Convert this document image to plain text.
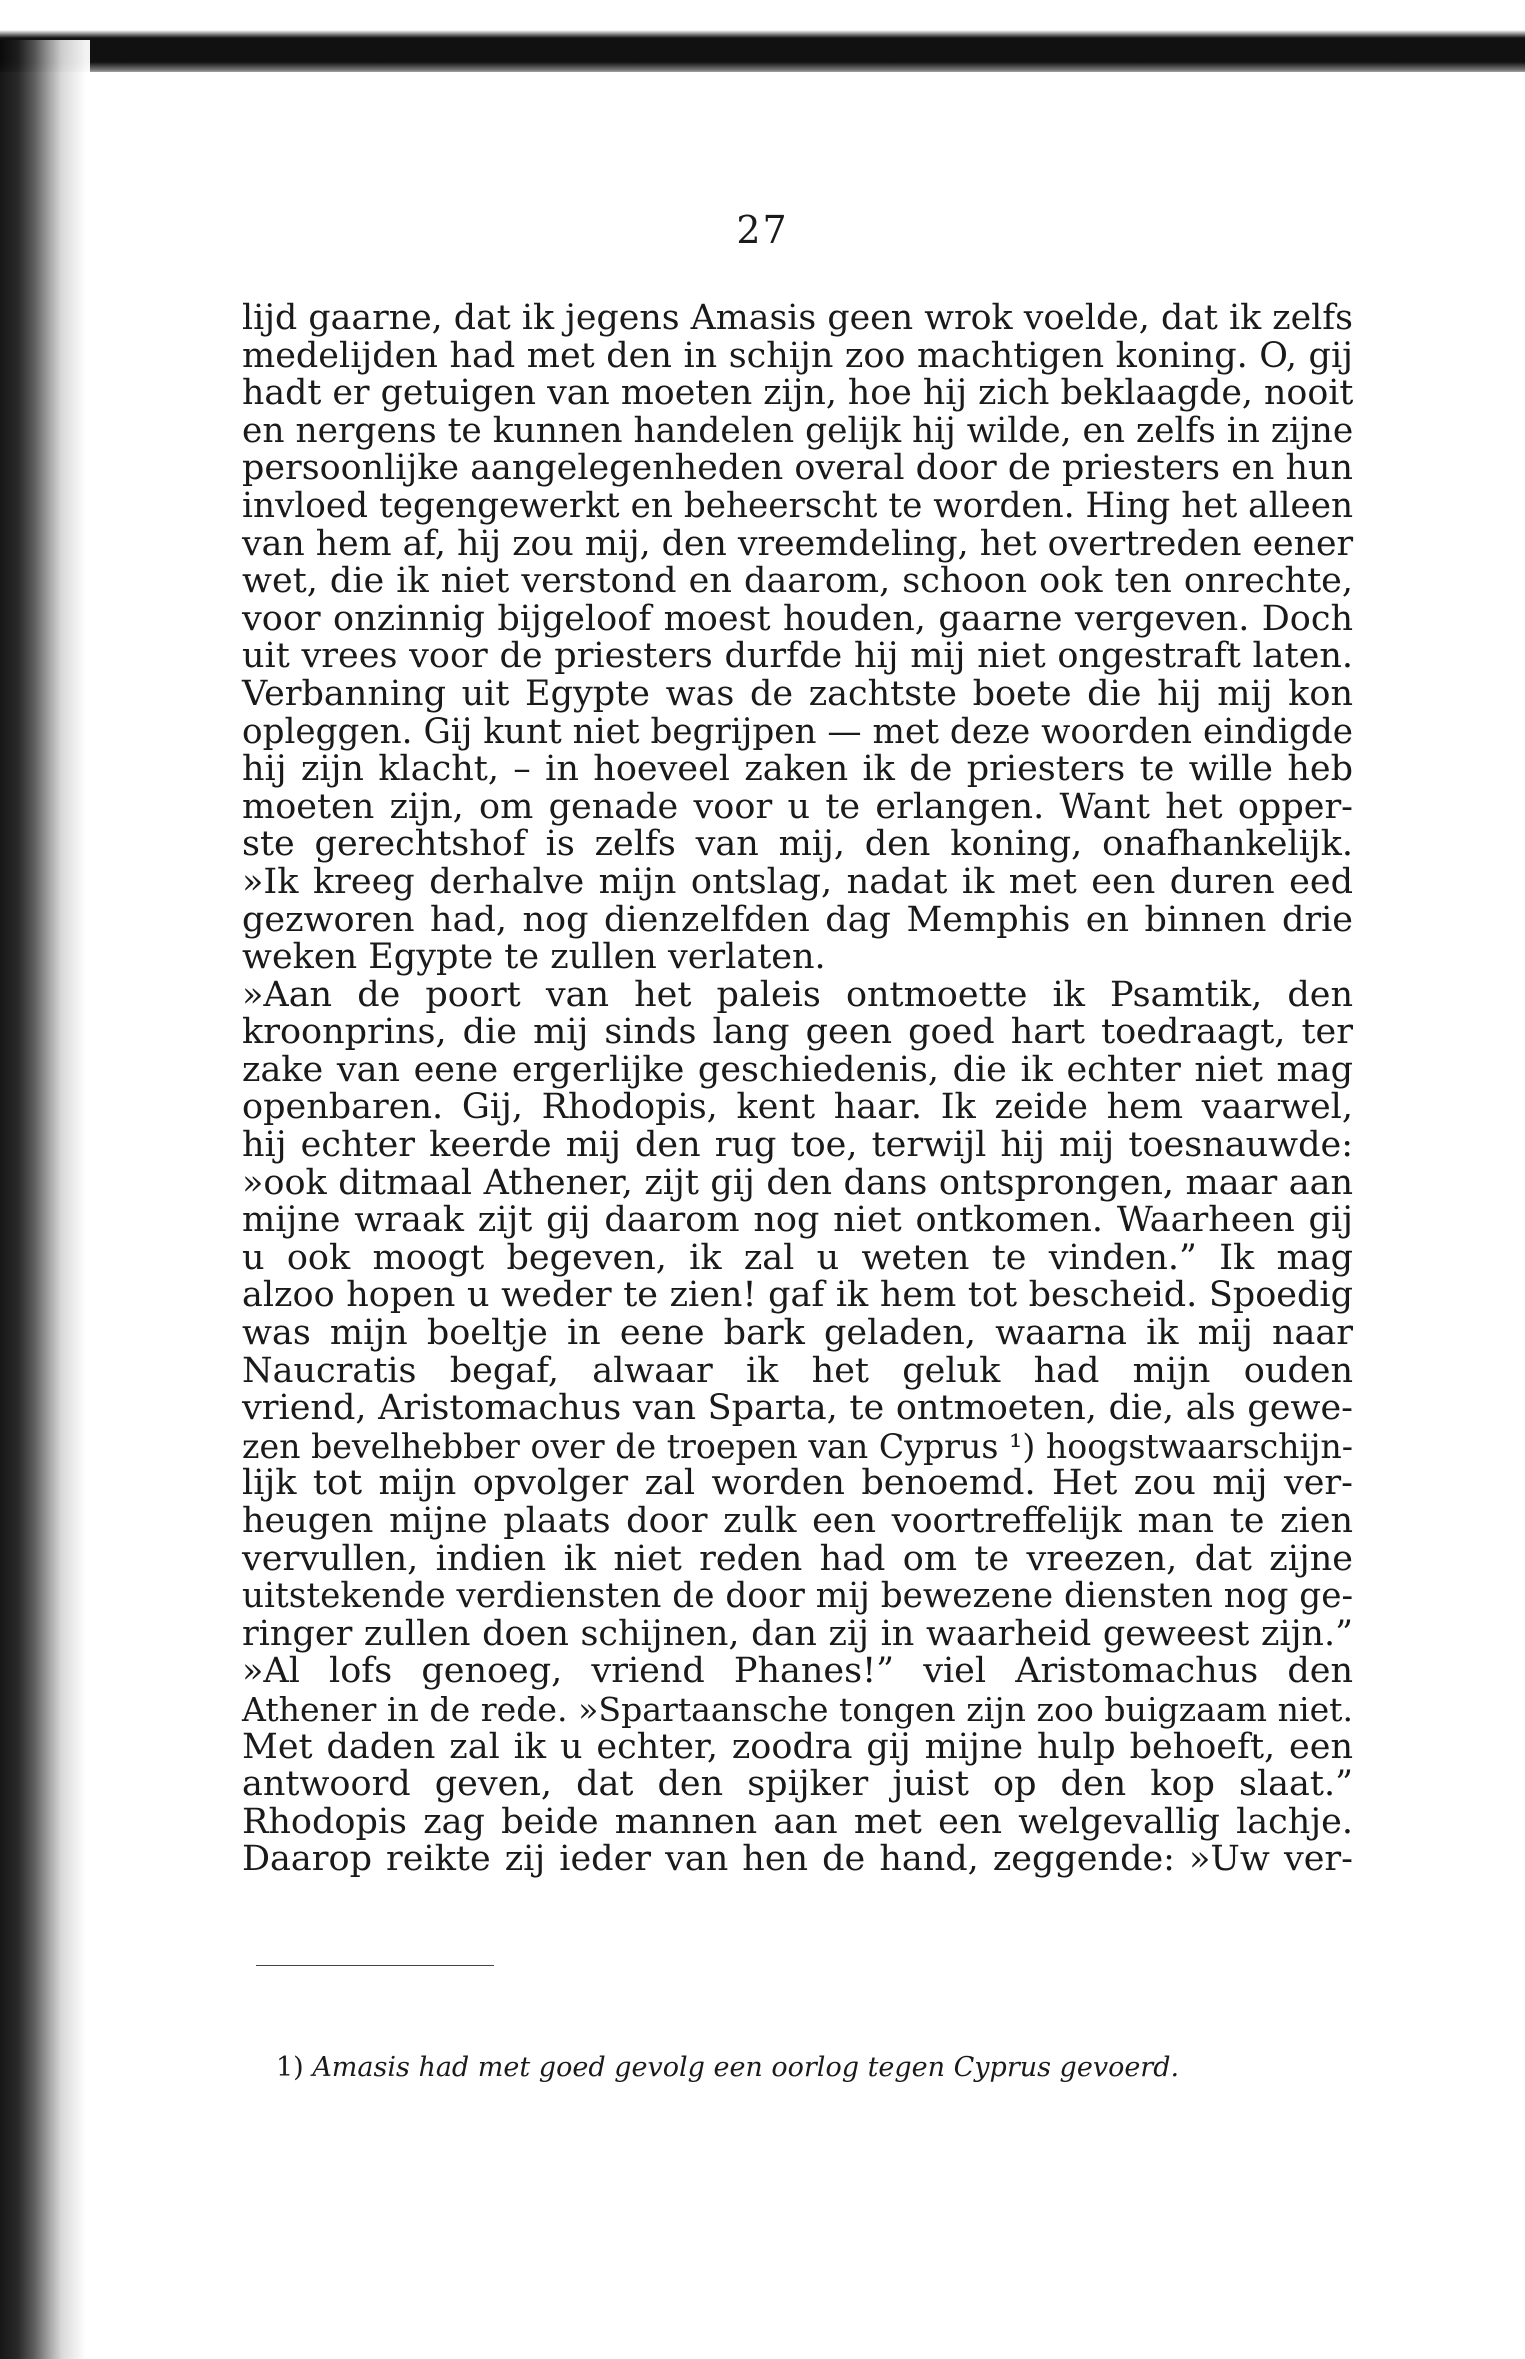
27
lijd gaarne, dat ik jegens Amasis geen wrok voelde, dat ik zelfs
medelijden had met den in schijn zoo machtigen koning. O, gij
hadt er getuigen van moeten zijn, hoe hij zich beklaagde, nooit
en nergens te kunnen handelen gelijk hij wilde, en zelfs in zijne
persoonlijke aangelegenheden overal door de priesters en hun
invloed tegengewerkt en beheerscht te worden. Hing het alleen
van hem af, hij zou mij, den vreemdeling, het overtreden eener
wet, die ik niet verstond en daarom, schoon ook ten onrechte,
voor onzinnig bijgeloof moest houden, gaarne vergeven. Doch
uit vrees voor de priesters durfde hij mij niet ongestraft laten.
Verbanning uit Egypte was de zachtste boete die hij mij kon
opleggen. Gij kunt niet begrijpen — met deze woorden eindigde
hij zijn klacht, – in hoeveel zaken ik de priesters te wille heb
moeten zijn, om genade voor u te erlangen. Want het opper-
ste gerechtshof is zelfs van mij, den koning, onafhankelijk.
»Ik kreeg derhalve mijn ontslag, nadat ik met een duren eed
gezworen had, nog dienzelfden dag Memphis en binnen drie
weken Egypte te zullen verlaten.
»Aan de poort van het paleis ontmoette ik Psamtik, den
kroonprins, die mij sinds lang geen goed hart toedraagt, ter
zake van eene ergerlijke geschiedenis, die ik echter niet mag
openbaren. Gij, Rhodopis, kent haar. Ik zeide hem vaarwel,
hij echter keerde mij den rug toe, terwijl hij mij toesnauwde:
»ook ditmaal Athener, zijt gij den dans ontsprongen, maar aan
mijne wraak zijt gij daarom nog niet ontkomen. Waarheen gij
u ook moogt begeven, ik zal u weten te vinden.” Ik mag
alzoo hopen u weder te zien! gaf ik hem tot bescheid. Spoedig
was mijn boeltje in eene bark geladen, waarna ik mij naar
Naucratis begaf, alwaar ik het geluk had mijn ouden
vriend, Aristomachus van Sparta, te ontmoeten, die, als gewe-
zen bevelhebber over de troepen van Cyprus ¹) hoogstwaarschijn-
lijk tot mijn opvolger zal worden benoemd. Het zou mij ver-
heugen mijne plaats door zulk een voortreffelijk man te zien
vervullen, indien ik niet reden had om te vreezen, dat zijne
uitstekende verdiensten de door mij bewezene diensten nog ge-
ringer zullen doen schijnen, dan zij in waarheid geweest zijn.”
»Al lofs genoeg, vriend Phanes!” viel Aristomachus den
Athener in de rede. »Spartaansche tongen zijn zoo buigzaam niet.
Met daden zal ik u echter, zoodra gij mijne hulp behoeft, een
antwoord geven, dat den spijker juist op den kop slaat.”
Rhodopis zag beide mannen aan met een welgevallig lachje.
Daarop reikte zij ieder van hen de hand, zeggende: »Uw ver-
1) Amasis had met goed gevolg een oorlog tegen Cyprus gevoerd.
